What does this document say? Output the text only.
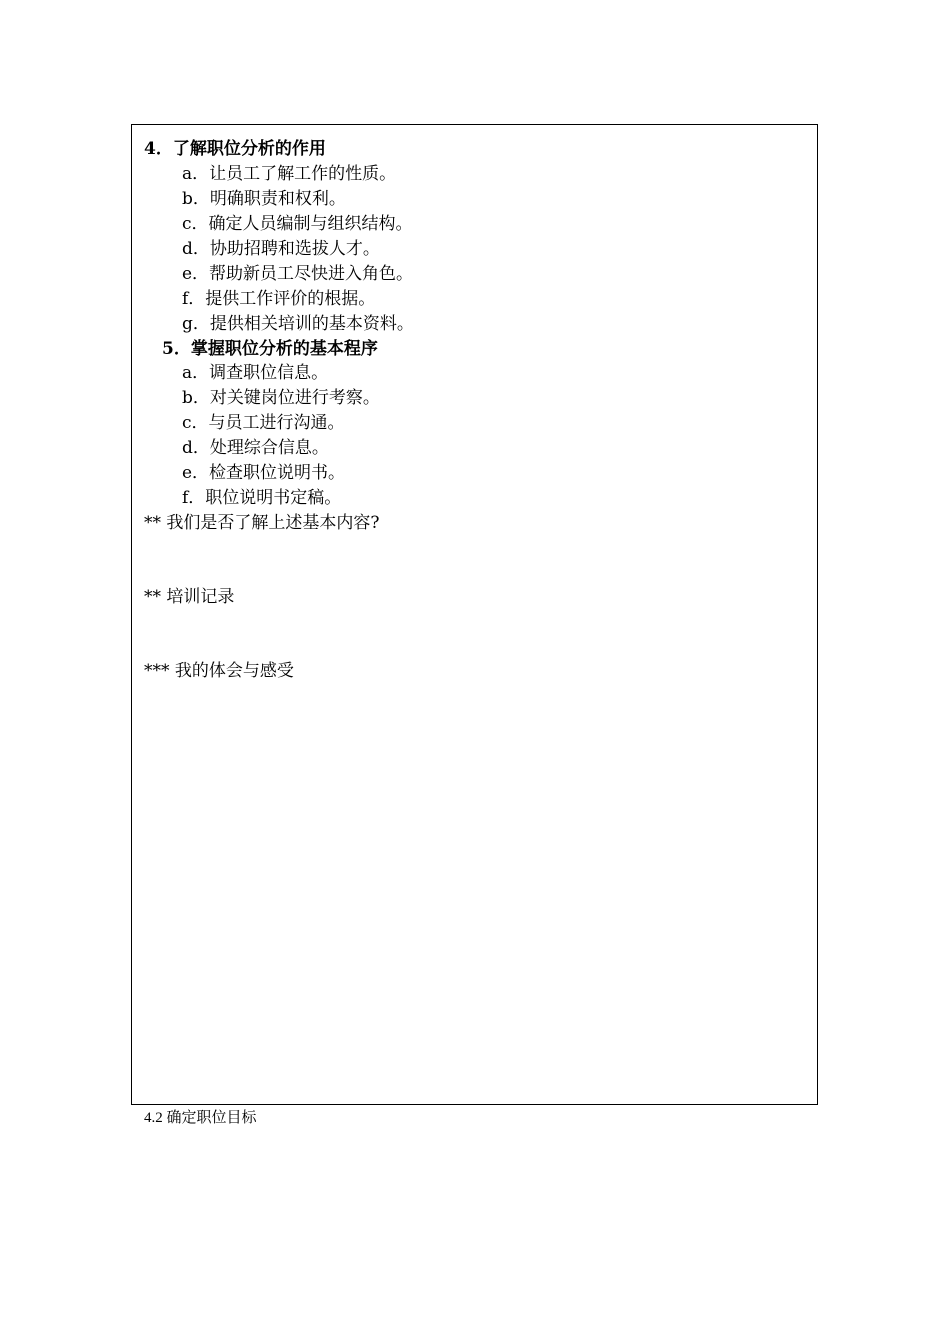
4．了解职位分析的作用
a．让员工了解工作的性质。
b．明确职责和权利。
c．确定人员编制与组织结构。
d．协助招聘和选拔人才。
e．帮助新员工尽快进入角色。
f．提供工作评价的根据。
g．提供相关培训的基本资料。
5．掌握职位分析的基本程序
a．调查职位信息。
b．对关键岗位进行考察。
c．与员工进行沟通。
d．处理综合信息。
e．检查职位说明书。
f．职位说明书定稿。
** 我们是否了解上述基本内容?
** 培训记录
*** 我的体会与感受
4.2 确定职位目标
